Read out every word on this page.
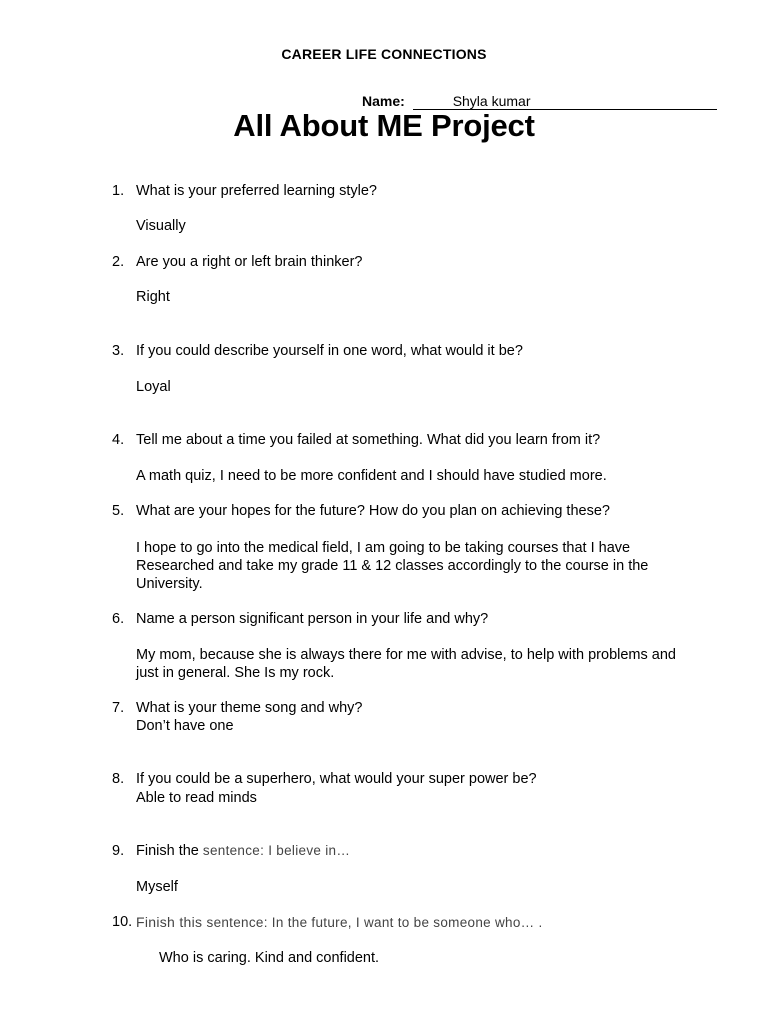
CAREER LIFE CONNECTIONS
Name:	Shyla kumar
All About ME Project
1. What is your preferred learning style?
Visually
2. Are you a right or left brain thinker?
Right
3. If you could describe yourself in one word, what would it be?
Loyal
4. Tell me about a time you failed at something. What did you learn from it?
A math quiz, I need to be more confident and I should have studied more.
5. What are your hopes for the future? How do you plan on achieving these?
I hope to go into the medical field, I am going to be taking courses that I have Researched and take my grade 11 & 12 classes accordingly to the course in the University.
6. Name a person significant person in your life and why?
My mom, because she is always there for me with advise, to help with problems and just in general. She Is my rock.
7. What is your theme song and why?
Don’t have one
8. If you could be a superhero, what would your super power be?
Able to read minds
9. Finish the sentence: I believe in…
Myself
10. Finish this sentence: In the future, I want to be someone who… .
Who is caring. Kind and confident.
